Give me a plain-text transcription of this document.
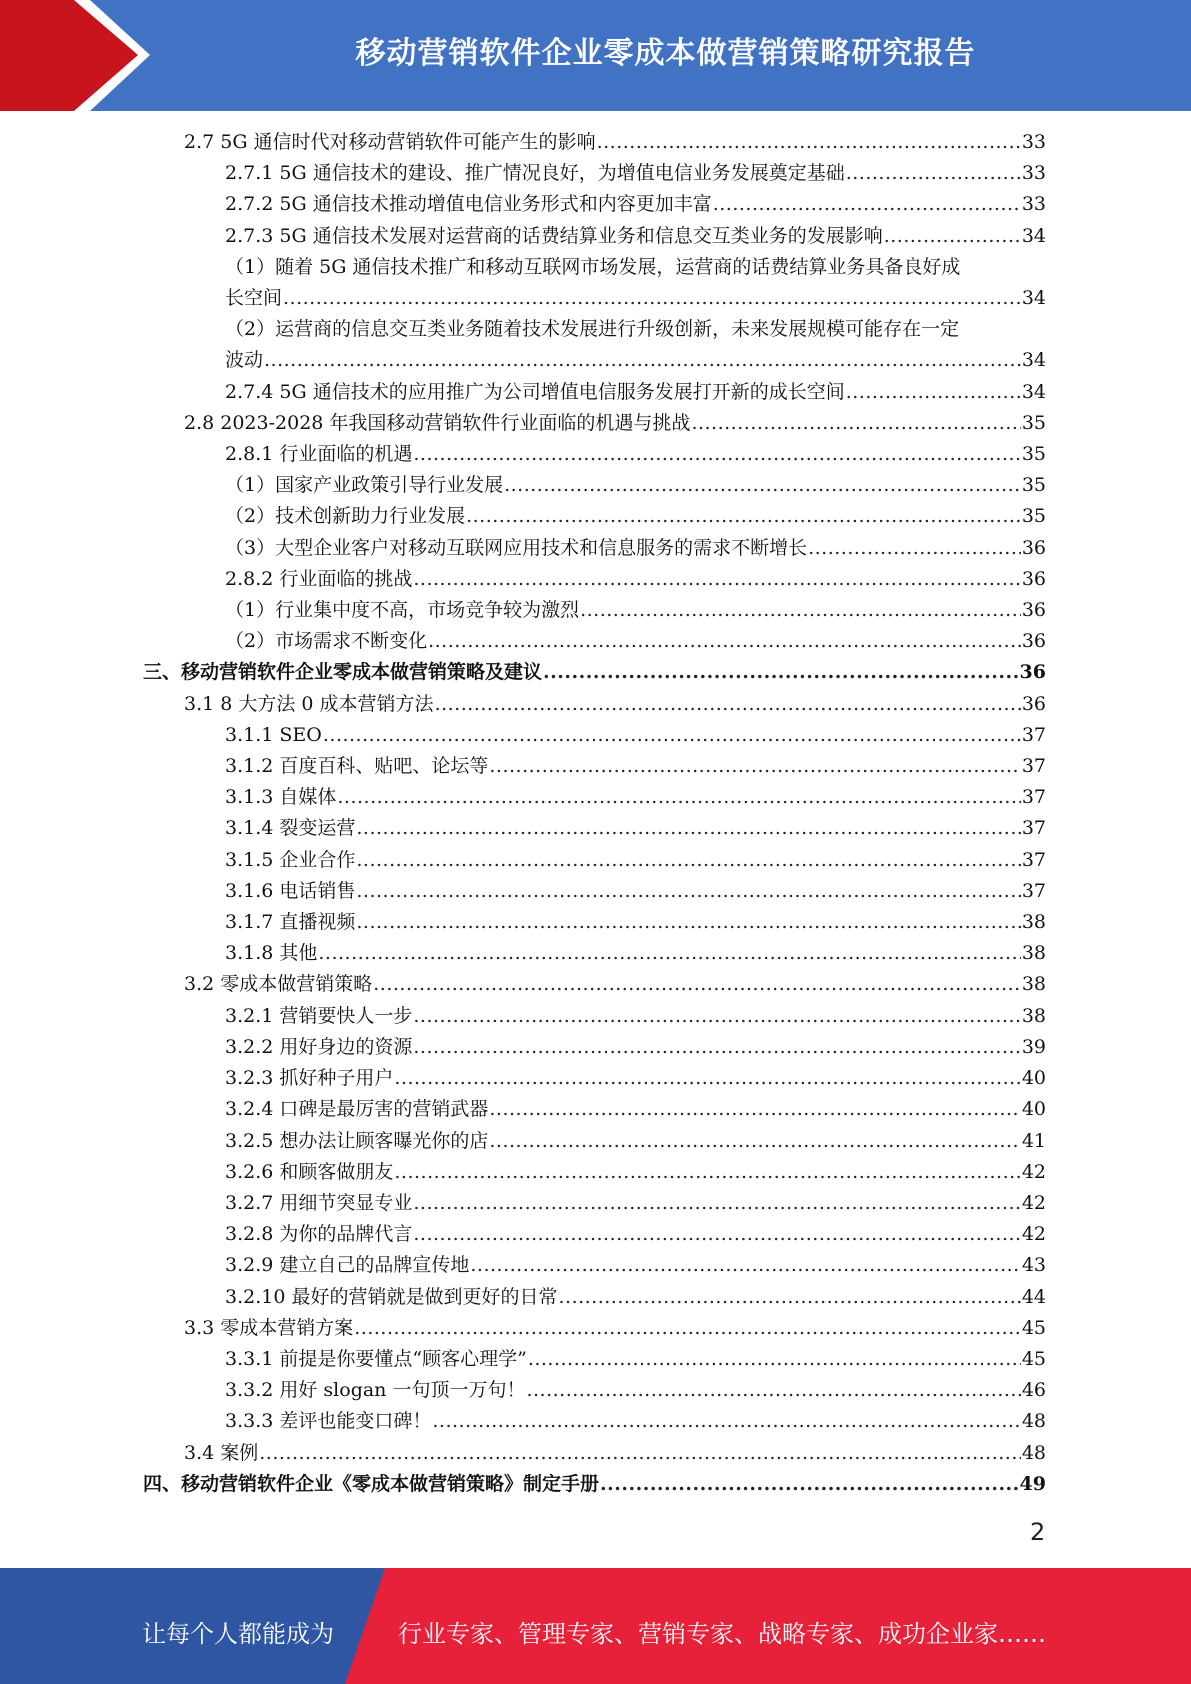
移动营销软件企业零成本做营销策略研究报告
2.7 5G 通信时代对移动营销软件可能产生的影响 .....	33
2.7.1 5G 通信技术的建设、推广情况良好，为增值电信业务发展奠定基础 .....	33
2.7.2 5G 通信技术推动增值电信业务形式和内容更加丰富 .....	33
2.7.3 5G 通信技术发展对运营商的话费结算业务和信息交互类业务的发展影响 .....	34
（1）随着 5G 通信技术推广和移动互联网市场发展，运营商的话费结算业务具备良好成
长空间 .....	34
（2）运营商的信息交互类业务随着技术发展进行升级创新，未来发展规模可能存在一定
波动 .....	34
2.7.4 5G 通信技术的应用推广为公司增值电信服务发展打开新的成长空间 .....	34
2.8 2023-2028 年我国移动营销软件行业面临的机遇与挑战 .....	35
2.8.1 行业面临的机遇 .....	35
（1）国家产业政策引导行业发展 .....	35
（2）技术创新助力行业发展 .....	35
（3）大型企业客户对移动互联网应用技术和信息服务的需求不断增长 .....	36
2.8.2 行业面临的挑战 .....	36
（1）行业集中度不高，市场竞争较为激烈 .....	36
（2）市场需求不断变化 .....	36
三、移动营销软件企业零成本做营销策略及建议 .....	36
3.1 8 大方法 0 成本营销方法 .....	36
3.1.1 SEO .....	37
3.1.2 百度百科、贴吧、论坛等 .....	37
3.1.3 自媒体 .....	37
3.1.4 裂变运营 .....	37
3.1.5 企业合作 .....	37
3.1.6 电话销售 .....	37
3.1.7 直播视频 .....	38
3.1.8 其他 .....	38
3.2 零成本做营销策略 .....	38
3.2.1 营销要快人一步 .....	38
3.2.2 用好身边的资源 .....	39
3.2.3 抓好种子用户 .....	40
3.2.4 口碑是最厉害的营销武器 .....	40
3.2.5 想办法让顾客曝光你的店 .....	41
3.2.6 和顾客做朋友 .....	42
3.2.7 用细节突显专业 .....	42
3.2.8 为你的品牌代言 .....	42
3.2.9 建立自己的品牌宣传地 .....	43
3.2.10 最好的营销就是做到更好的日常 .....	44
3.3 零成本营销方案 .....	45
3.3.1 前提是你要懂点“顾客心理学” .....	45
3.3.2 用好 slogan 一句顶一万句！ .....	46
3.3.3 差评也能变口碑！ .....	48
3.4 案例 .....	48
四、移动营销软件企业《零成本做营销策略》制定手册 .....	49
2
让每个人都能成为	行业专家、管理专家、营销专家、战略专家、成功企业家……
